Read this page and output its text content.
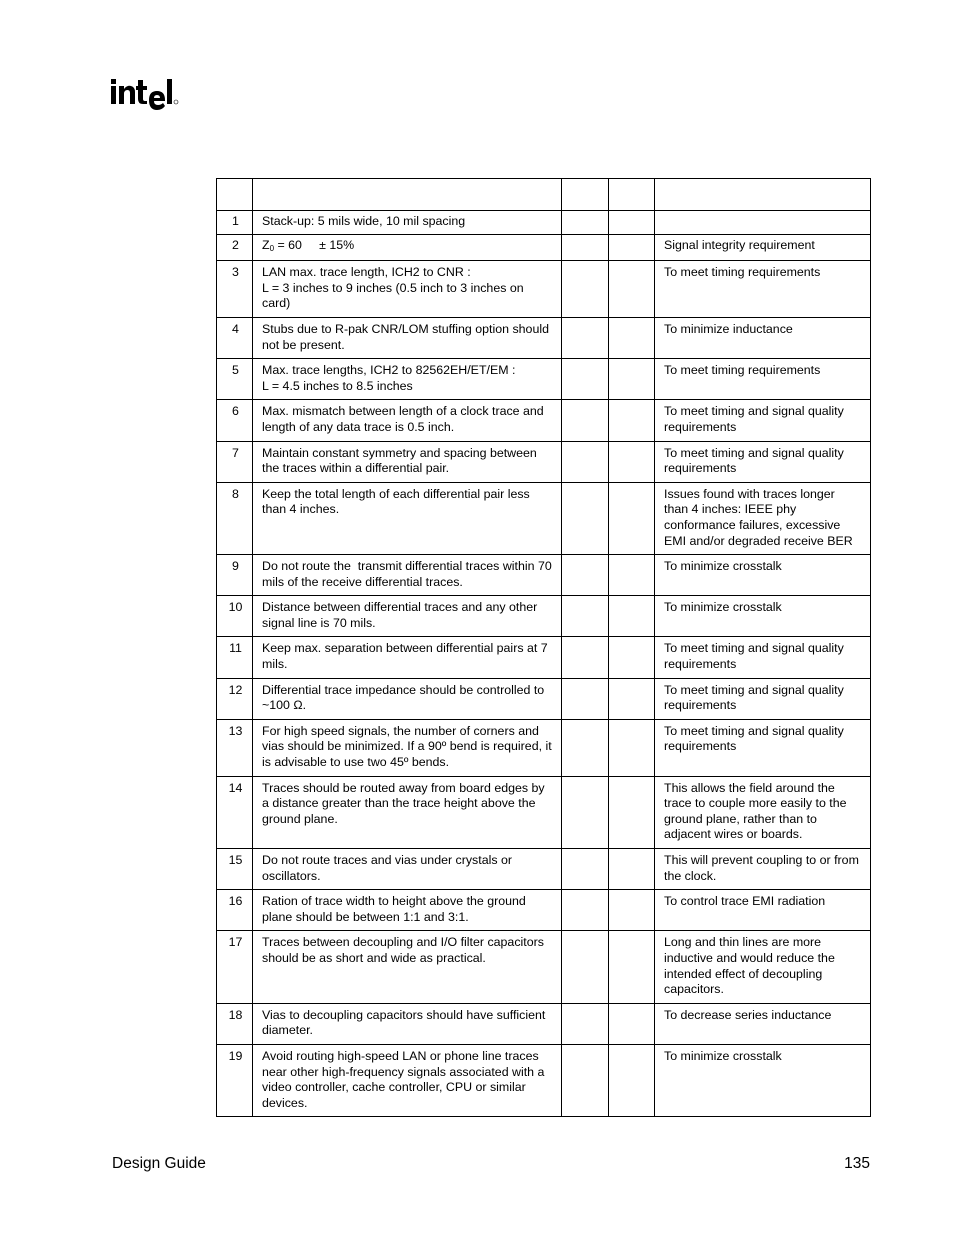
1	Stack-up: 5 mils wide, 10 mil spacing			

2	$Z_0 = 60$     ± 15%			Signal integrity requirement

3	LAN max. trace length, ICH2 to CNR :
L = 3 inches to 9 inches (0.5 inch to 3 inches on card)			To meet timing requirements

4	Stubs due to R-pak CNR/LOM stuffing option should not be present.			To minimize inductance

5	Max. trace lengths, ICH2 to 82562EH/ET/EM :
L = 4.5 inches to 8.5 inches			To meet timing requirements

6	Max. mismatch between length of a clock trace and length of any data trace is 0.5 inch.			To meet timing and signal quality requirements

7	Maintain constant symmetry and spacing between the traces within a differential pair.			To meet timing and signal quality requirements

8	Keep the total length of each differential pair less than 4 inches.			Issues found with traces longer than 4 inches: IEEE phy conformance failures, excessive EMI and/or degraded receive BER

9	Do not route the  transmit differential traces within 70 mils of the receive differential traces.			To minimize crosstalk

10	Distance between differential traces and any other signal line is 70 mils.			To minimize crosstalk

11	Keep max. separation between differential pairs at 7 mils.			To meet timing and signal quality requirements

12	Differential trace impedance should be controlled to ~100 Ω.			To meet timing and signal quality requirements

13	For high speed signals, the number of corners and vias should be minimized. If a 90º bend is required, it is advisable to use two 45º bends.			To meet timing and signal quality requirements

14	Traces should be routed away from board edges by a distance greater than the trace height above the ground plane.			This allows the field around the trace to couple more easily to the ground plane, rather than to adjacent wires or boards.

15	Do not route traces and vias under crystals or oscillators.			This will prevent coupling to or from the clock.

16	Ration of trace width to height above the ground plane should be between 1:1 and 3:1.			To control trace EMI radiation

17	Traces between decoupling and I/O filter capacitors should be as short and wide as practical.			Long and thin lines are more inductive and would reduce the intended effect of decoupling capacitors.

18	Vias to decoupling capacitors should have sufficient diameter.			To decrease series inductance

19	Avoid routing high-speed LAN or phone line traces near other high-frequency signals associated with a video controller, cache controller, CPU or similar devices.			To minimize crosstalk
Design Guide	135
